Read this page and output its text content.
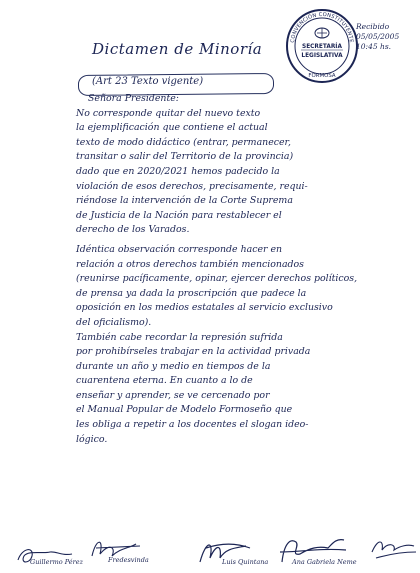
Dictamen de Minoría	CONVENCIÓN CONSTITUYENTE
SECRETARÍA
LEGISLATIVA
FORMOSA
Recibido
05/05/2005
10:45 hs.
(Art 23 Texto vigente)
Señora Presidente:
No corresponde quitar del nuevo texto
la ejemplificación que contiene el actual
texto de modo didáctico (entrar, permanecer,
transitar o salir del Territorio de la provincia)
dado que en 2020/2021 hemos padecido la
violación de esos derechos, precisamente, requi-
riéndose la intervención de la Corte Suprema
de Justicia de la Nación para restablecer el
derecho de los Varados.
Idéntica observación corresponde hacer en
relación a otros derechos también mencionados
(reunirse pacíficamente, opinar, ejercer derechos políticos,
de prensa ya dada la proscripción que padece la
oposición en los medios estatales al servicio exclusivo
del oficialismo).
También cabe recordar la represión sufrida
por prohibírseles trabajar en la actividad privada
durante un año y medio en tiempos de la
cuarentena eterna. En cuanto a lo de
enseñar y aprender, se ve cercenado por
el Manual Popular de Modelo Formoseño que
les obliga a repetir a los docentes el slogan ideo-
lógico.
Guillermo Pérez	Fredesvinda	Luis Quintana	Ana Gabriela Neme
